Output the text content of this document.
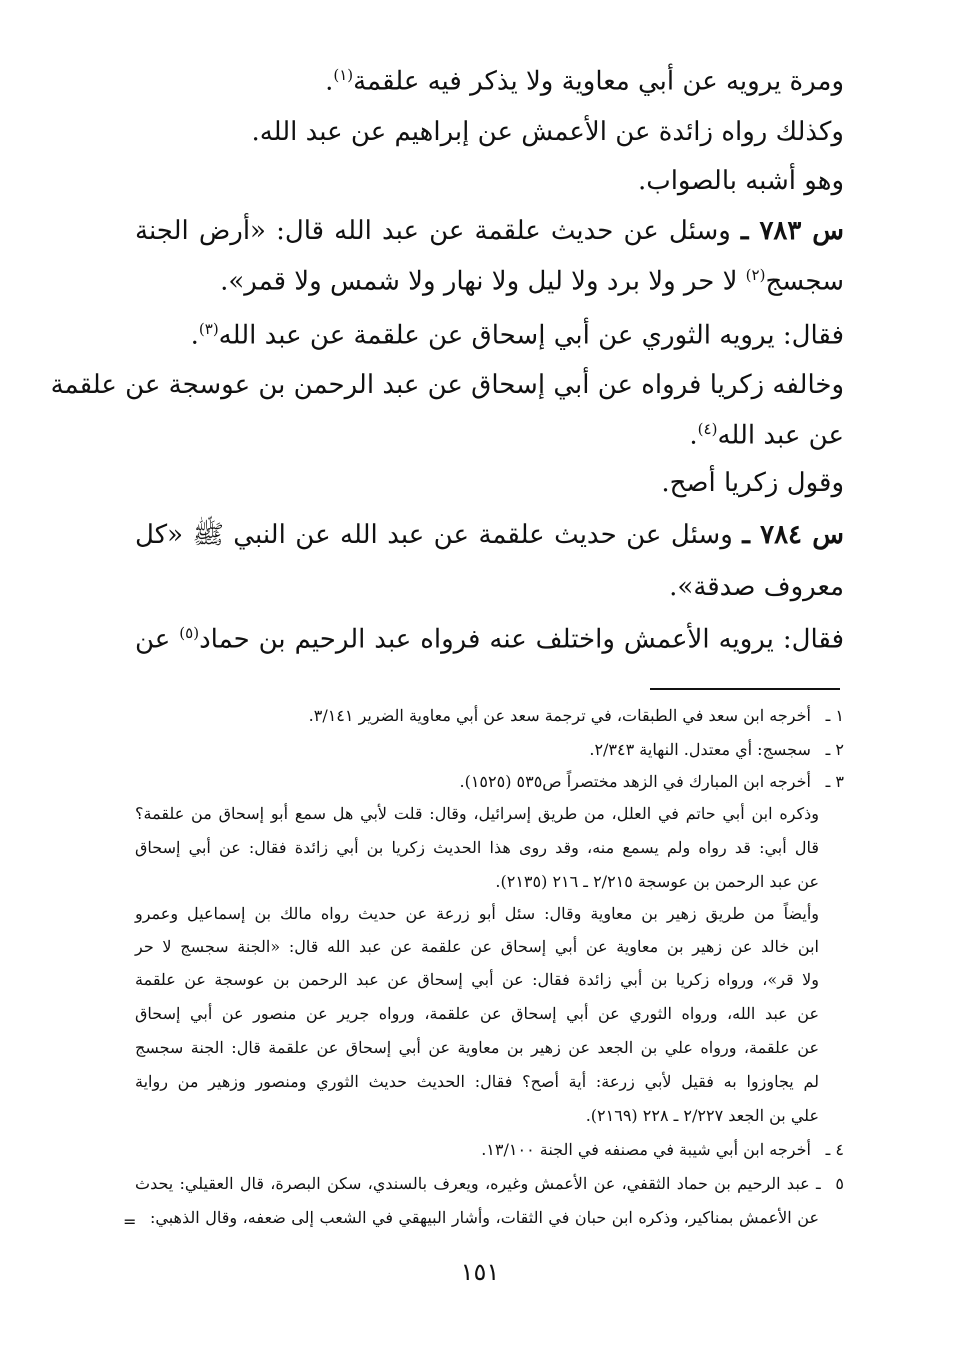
ومرة يرويه عن أبي معاوية ولا يذكر فيه علقمة$^{(١)}$.
وكذلك رواه زائدة عن الأعمش عن إبراهيم عن عبد الله.
وهو أشبه بالصواب.
س ٧٨٣ ـ وسئل عن حديث علقمة عن عبد الله قال: «أرض الجنة
سجسج$^{(٢)}$ لا حر ولا برد ولا ليل ولا نهار ولا شمس ولا قمر».
فقال: يرويه الثوري عن أبي إسحاق عن علقمة عن عبد الله$^{(٣)}$.
وخالفه زكريا فرواه عن أبي إسحاق عن عبد الرحمن بن عوسجة عن علقمة
عن عبد الله$^{(٤)}$.
وقول زكريا أصح.
س ٧٨٤ ـ وسئل عن حديث علقمة عن عبد الله عن النبي ﷺ «كل
معروف صدقة».
فقال: يرويه الأعمش واختلف عنه فرواه عبد الرحيم بن حماد$^{(٥)}$ عن
١ ـ أخرجه ابن سعد في الطبقات، في ترجمة سعد عن أبي معاوية الضرير ٣/١٤١.
٢ ـ سجسج: أي معتدل. النهاية ٢/٣٤٣.
٣ ـ أخرجه ابن المبارك في الزهد مختصراً ص٥٣٥ (١٥٢٥).
وذكره ابن أبي حاتم في العلل، من طريق إسرائيل، وقال: قلت لأبي هل سمع أبو إسحاق من علقمة؟
قال أبي: قد رواه ولم يسمع منه، وقد روى هذا الحديث زكريا بن أبي زائدة فقال: عن أبي إسحاق
عن عبد الرحمن بن عوسجة ٢/٢١٥ ـ ٢١٦ (٢١٣٥).
وأيضاً من طريق زهير بن معاوية وقال: سئل أبو زرعة عن حديث رواه مالك بن إسماعيل وعمرو
ابن خالد عن زهير بن معاوية عن أبي إسحاق عن علقمة عن عبد الله قال: «الجنة سجسج لا حر
ولا قر»، ورواه زكريا بن أبي زائدة فقال: عن أبي إسحاق عن عبد الرحمن بن عوسجة عن علقمة
عن عبد الله، ورواه الثوري عن أبي إسحاق عن علقمة، ورواه جرير عن منصور عن أبي إسحاق
عن علقمة، ورواه علي بن الجعد عن زهير بن معاوية عن أبي إسحاق عن علقمة قال: الجنة سجسج
لم يجاوزوا به فقيل لأبي زرعة: أية أصح؟ فقال: الحديث حديث الثوري ومنصور وزهير من رواية
علي بن الجعد ٢/٢٢٧ ـ ٢٢٨ (٢١٦٩).
٤ ـ أخرجه ابن أبي شيبة في مصنفه في الجنة ١٣/١٠٠.
٥ ـ عبد الرحيم بن حماد الثقفي، عن الأعمش وغيره، ويعرف بالسندي، سكن البصرة، قال العقيلي: يحدث
عن الأعمش بمناكير، وذكره ابن حبان في الثقات، وأشار البيهقي في الشعب إلى ضعفه، وقال الذهبي:
=
١٥١
